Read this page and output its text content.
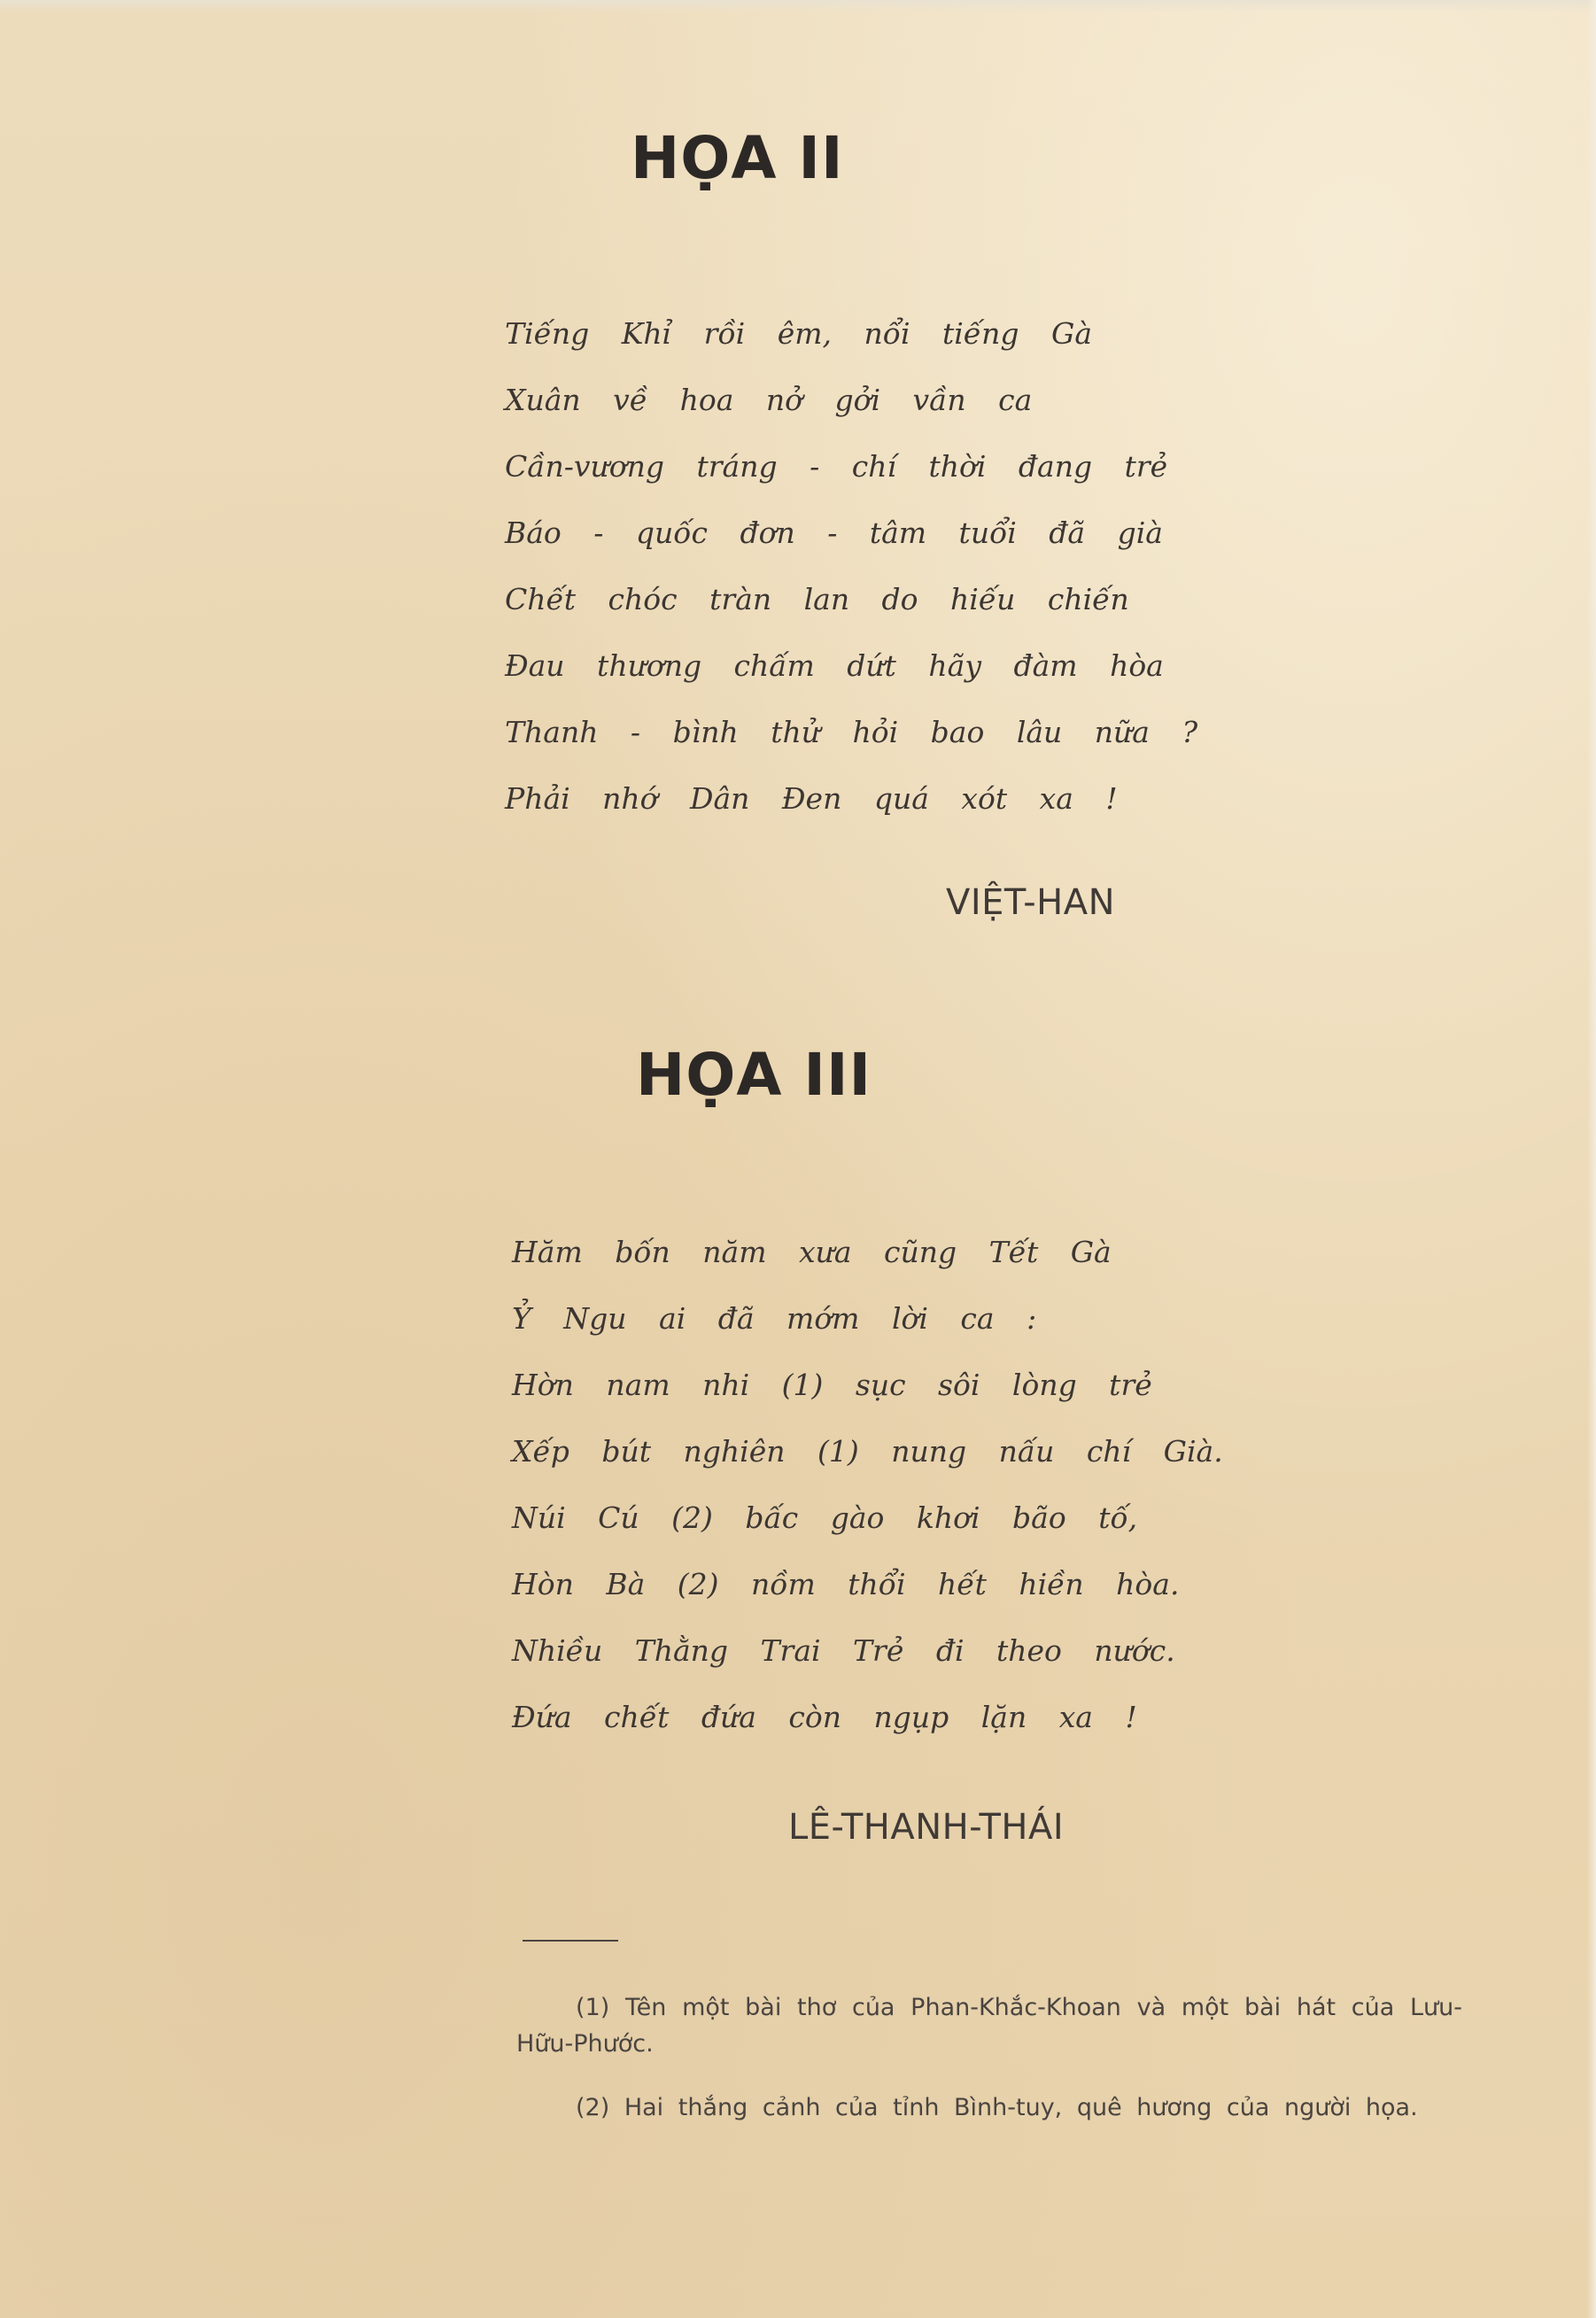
HỌA II
Tiếng Khỉ rồi êm, nổi tiếng Gà
Xuân về hoa nở gởi vần ca
Cần-vương tráng - chí thời đang trẻ
Báo - quốc đơn - tâm tuổi đã già
Chết chóc tràn lan do hiếu chiến
Đau thương chấm dứt hãy đàm hòa
Thanh - bình thử hỏi bao lâu nữa ?
Phải nhớ Dân Đen quá xót xa !
VIỆT-HAN
HỌA III
Hăm bốn năm xưa cũng Tết Gà
Ỷ Ngu ai đã mớm lời ca :
Hờn nam nhi (1) sục sôi lòng trẻ
Xếp bút nghiên (1) nung nấu chí Già.
Núi Cú (2) bấc gào khơi bão tố,
Hòn Bà (2) nồm thổi hết hiền hòa.
Nhiều Thằng Trai Trẻ đi theo nước.
Đứa chết đứa còn ngụp lặn xa !
LÊ-THANH-THÁI

(1) Tên một bài thơ của Phan-Khắc-Khoan và một bài hát của Lưu-Hữu-Phước.

(2) Hai thắng cảnh của tỉnh Bình-tuy, quê hương của người họa.
